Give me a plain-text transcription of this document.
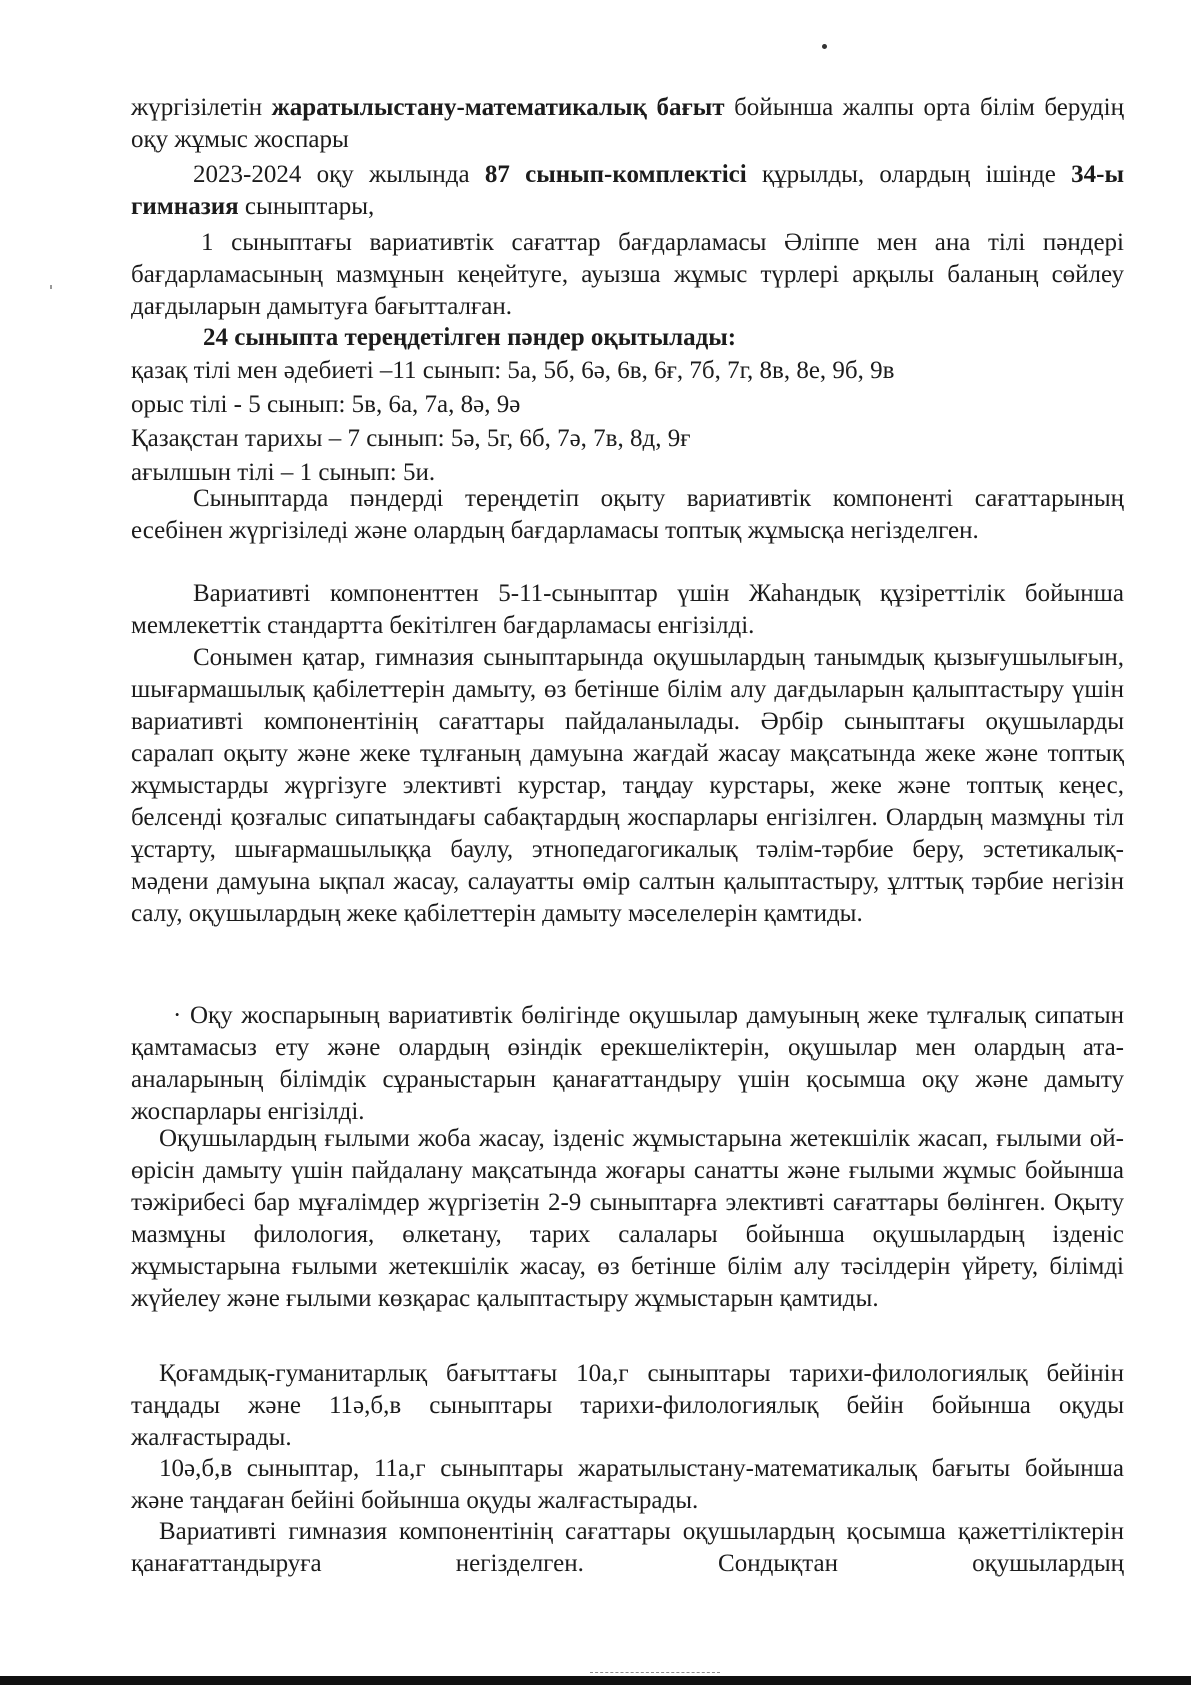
жүргізілетін жаратылыстану-математикалық бағыт бойынша жалпы орта білім берудің оқу жұмыс жоспары

2023-2024 оқу жылында 87 сынып-комплектісі құрылды, олардың ішінде 34-ы гимназия сыныптары,

1 сыныптағы вариативтік сағаттар бағдарламасы Әліппе мен ана тілі пәндері бағдарламасының мазмұнын кеңейтуге, ауызша жұмыс түрлері арқылы баланың сөйлеу дағдыларын дамытуға бағытталған.

24 сыныпта тереңдетілген пәндер оқытылады:

қазақ тілі мен әдебиеті –11 сынып: 5а, 5б, 6ә, 6в, 6ғ, 7б, 7г, 8в, 8е, 9б, 9в

орыс тілі - 5 сынып: 5в, 6а, 7а, 8ә, 9ә

Қазақстан тарихы – 7 сынып: 5ә, 5г, 6б, 7ә, 7в, 8д, 9ғ

ағылшын тілі – 1 сынып: 5и.

Сыныптарда пәндерді тереңдетіп оқыту вариативтік компоненті сағаттарының есебінен жүргізіледі және олардың бағдарламасы топтық жұмысқа негізделген.

Вариативті компоненттен 5-11-сыныптар үшін Жаһандық құзіреттілік бойынша мемлекеттік стандартта бекітілген бағдарламасы енгізілді.

Сонымен қатар, гимназия сыныптарында оқушылардың танымдық қызығушылығын, шығармашылық қабілеттерін дамыту, өз бетінше білім алу дағдыларын қалыптастыру үшін вариативті компонентінің сағаттары пайдаланылады. Әрбір сыныптағы оқушыларды саралап оқыту және жеке тұлғаның дамуына жағдай жасау мақсатында жеке және топтық жұмыстарды жүргізуге элективті курстар, таңдау курстары, жеке және топтық кеңес, белсенді қозғалыс сипатындағы сабақтардың жоспарлары енгізілген. Олардың мазмұны тіл ұстарту, шығармашылыққа баулу, этнопедагогикалық тәлім-тәрбие беру, эстетикалық-мәдени дамуына ықпал жасау, салауатты өмір салтын қалыптастыру, ұлттық тәрбие негізін салу, оқушылардың жеке қабілеттерін дамыту мәселелерін қамтиды.

· Оқу жоспарының вариативтік бөлігінде оқушылар дамуының жеке тұлғалық сипатын қамтамасыз ету және олардың өзіндік ерекшеліктерін, оқушылар мен олардың ата-аналарының білімдік сұраныстарын қанағаттандыру үшін қосымша оқу және дамыту жоспарлары енгізілді.

Оқушылардың ғылыми жоба жасау, ізденіс жұмыстарына жетекшілік жасап, ғылыми ой-өрісін дамыту үшін пайдалану мақсатында жоғары санатты және ғылыми жұмыс бойынша тәжірибесі бар мұғалімдер жүргізетін 2-9 сыныптарға элективті сағаттары бөлінген. Оқыту мазмұны филология, өлкетану, тарих салалары бойынша оқушылардың ізденіс жұмыстарына ғылыми жетекшілік жасау, өз бетінше білім алу тәсілдерін үйрету, білімді жүйелеу және ғылыми көзқарас қалыптастыру жұмыстарын қамтиды.

Қоғамдық-гуманитарлық бағыттағы 10а,г сыныптары тарихи-филологиялық бейінін таңдады және 11ә,б,в сыныптары тарихи-филологиялық бейін бойынша оқуды жалғастырады.

10ә,б,в сыныптар, 11а,г сыныптары жаратылыстану-математикалық бағыты бойынша және таңдаған бейіні бойынша оқуды жалғастырады.

Вариативті гимназия компонентінің сағаттары оқушылардың қосымша қажеттіліктерін қанағаттандыруға негізделген. Сондықтан оқушылардың
